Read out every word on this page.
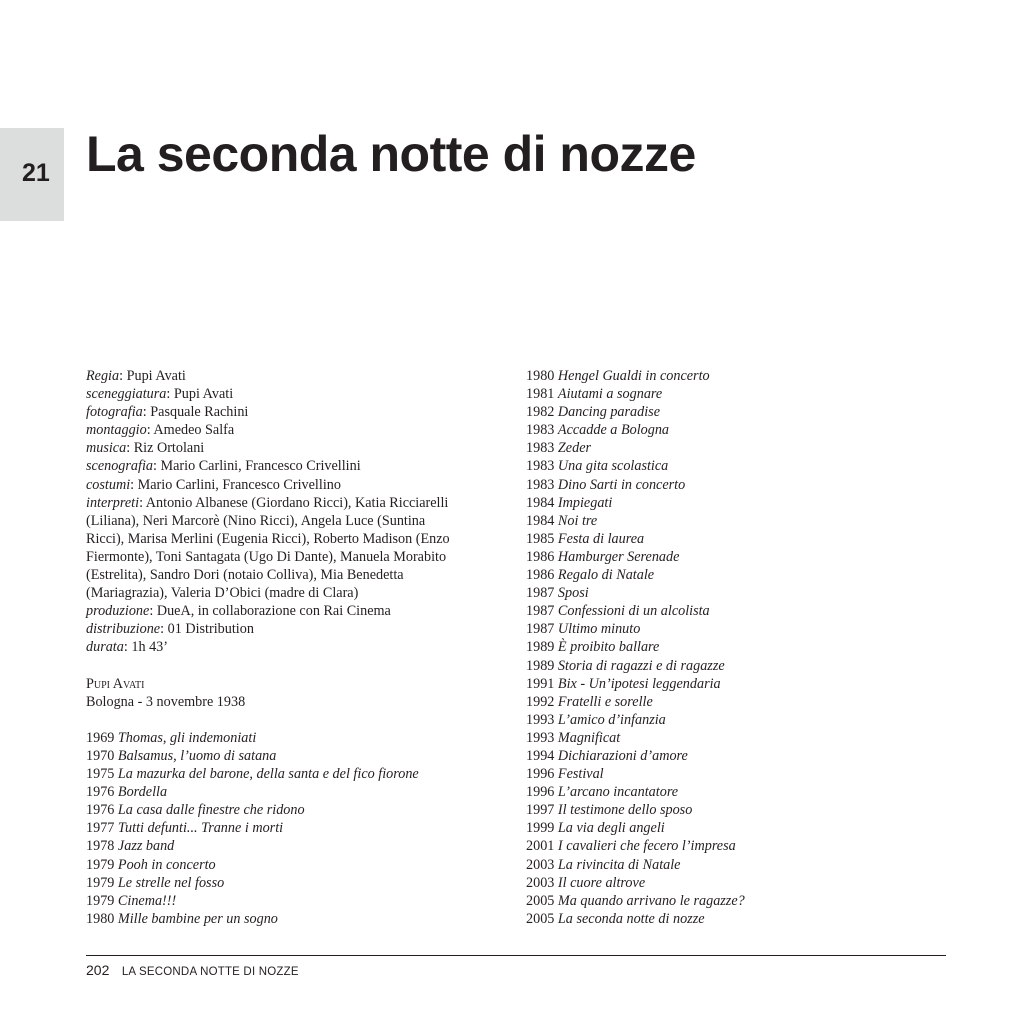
21 La seconda notte di nozze
Regia: Pupi Avati
sceneggiatura: Pupi Avati
fotografia: Pasquale Rachini
montaggio: Amedeo Salfa
musica: Riz Ortolani
scenografia: Mario Carlini, Francesco Crivellini
costumi: Mario Carlini, Francesco Crivellino
interpreti: Antonio Albanese (Giordano Ricci), Katia Ricciarelli
(Liliana), Neri Marcorè (Nino Ricci), Angela Luce (Suntina
Ricci), Marisa Merlini (Eugenia Ricci), Roberto Madison (Enzo
Fiermonte), Toni Santagata (Ugo Di Dante), Manuela Morabito
(Estrelita), Sandro Dori (notaio Colliva), Mia Benedetta
(Mariagrazia), Valeria D’Obici (madre di Clara)
produzione: DueA, in collaborazione con Rai Cinema
distribuzione: 01 Distribution
durata: 1h 43’
Pupi Avati
Bologna - 3 novembre 1938
1969 Thomas, gli indemoniati
1970 Balsamus, l’uomo di satana
1975 La mazurka del barone, della santa e del fico fiorone
1976 Bordella
1976 La casa dalle finestre che ridono
1977 Tutti defunti... Tranne i morti
1978 Jazz band
1979 Pooh in concerto
1979 Le strelle nel fosso
1979 Cinema!!!
1980 Mille bambine per un sogno
1980 Hengel Gualdi in concerto
1981 Aiutami a sognare
1982 Dancing paradise
1983 Accadde a Bologna
1983 Zeder
1983 Una gita scolastica
1983 Dino Sarti in concerto
1984 Impiegati
1984 Noi tre
1985 Festa di laurea
1986 Hamburger Serenade
1986 Regalo di Natale
1987 Sposi
1987 Confessioni di un alcolista
1987 Ultimo minuto
1989 È proibito ballare
1989 Storia di ragazzi e di ragazze
1991 Bix - Un’ipotesi leggendaria
1992 Fratelli e sorelle
1993 L’amico d’infanzia
1993 Magnificat
1994 Dichiarazioni d’amore
1996 Festival
1996 L’arcano incantatore
1997 Il testimone dello sposo
1999 La via degli angeli
2001 I cavalieri che fecero l’impresa
2003 La rivincita di Natale
2003 Il cuore altrove
2005 Ma quando arrivano le ragazze?
2005 La seconda notte di nozze
202 LA SECONDA NOTTE DI NOZZE
